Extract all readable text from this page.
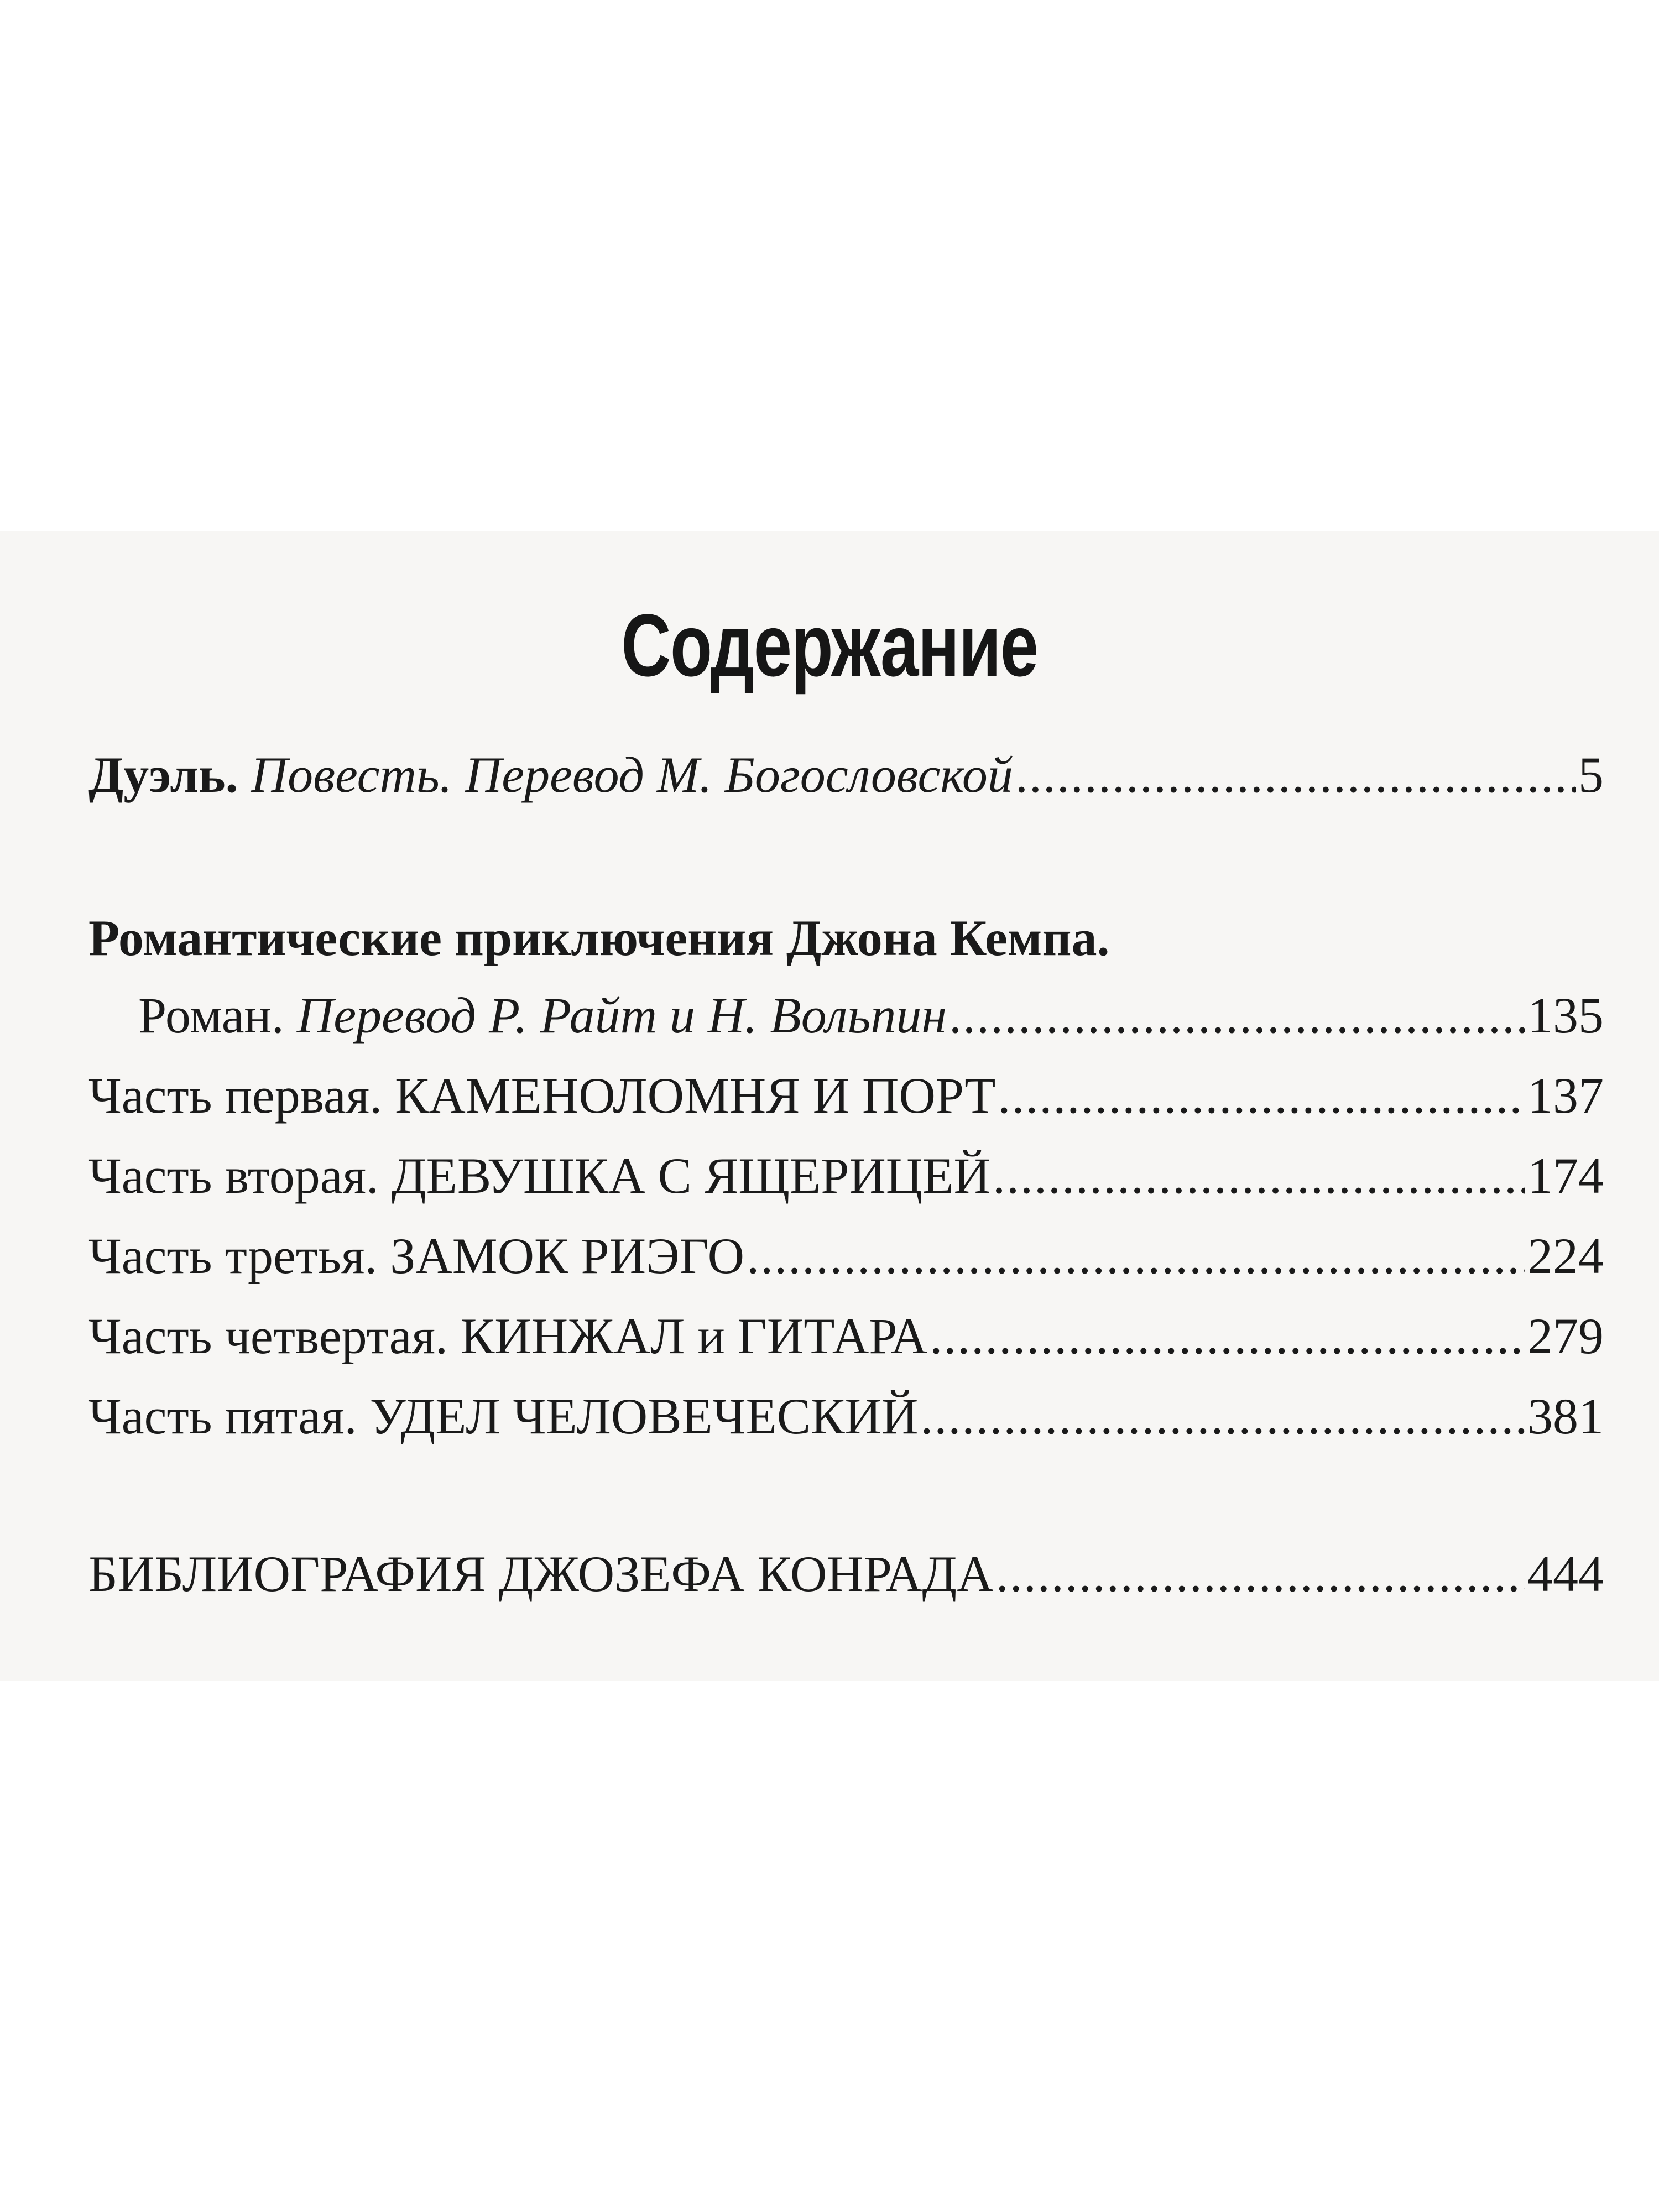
Содержание
Дуэль.
Повесть. Перевод М. Богословской .....	5
Романтические приключения Джона Кемпа.
Роман.
Перевод Р. Райт и Н. Вольпин .....	135
Часть первая. КАМЕНОЛОМНЯ И ПОРТ .....	137
Часть вторая. ДЕВУШКА С ЯЩЕРИЦЕЙ .....	174
Часть третья. ЗАМОК РИЭГО .....	224
Часть четвертая. КИНЖАЛ и ГИТАРА .....	279
Часть пятая. УДЕЛ ЧЕЛОВЕЧЕСКИЙ .....	381
БИБЛИОГРАФИЯ ДЖОЗЕФА КОНРАДА .....	444
